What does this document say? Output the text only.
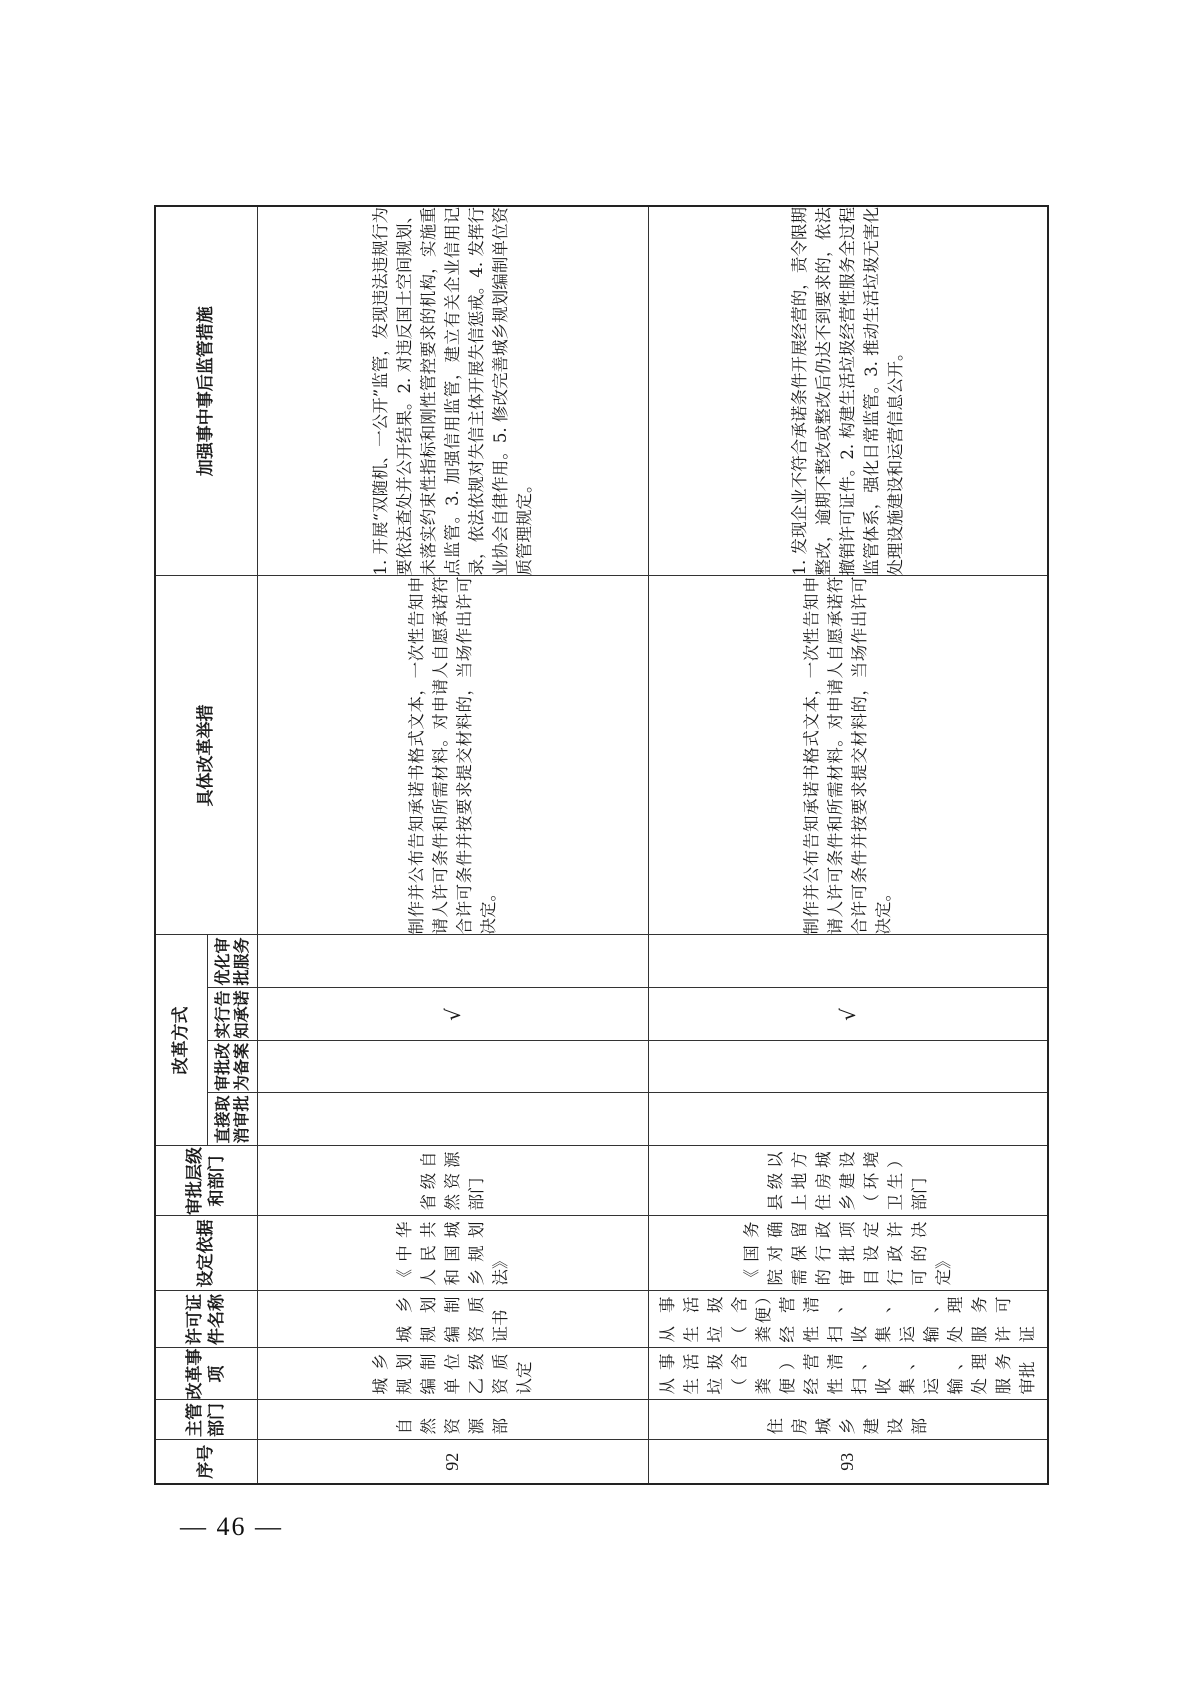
序号	主管部门	改革事项	许可证件名称	设定依据	审批层级和部门	改革方式				具体改革举措	加强事中事后监管措施
						直接取消审批	审批改为备案	实行告知承诺	优化审批服务		
92	自然资源部	城乡规划编制单位乙级资质认定	城乡规划编制资质证书	《中华人民共和国城乡规划法》	省级自然资源部门			√		制作并公布告知承诺书格式文本，一次性告知申请人许可条件和所需材料。对申请人自愿承诺符合许可条件并按要求提交材料的，当场作出许可决定。	1. 开展“双随机、一公开”监管，发现违法违规行为要依法查处并公开结果。2. 对违反国土空间规划、未落实约束性指标和刚性管控要求的机构，实施重点监管。3. 加强信用监管，建立有关企业信用记录，依法依规对失信主体开展失信惩戒。4. 发挥行业协会自律作用。5. 修改完善城乡规划编制单位资质管理规定。

93	住房城乡建设部	从事生活垃圾（含粪便）经营性清扫、收集、运输、处理服务审批	从事生活垃圾（含粪便）经营性清扫、收集、运输、处理服务许可证	《国务院对确需保留的行政审批项目设定行政许可的决定》	县级以上地方住房城乡建设（环境卫生）部门			√		制作并公布告知承诺书格式文本，一次性告知申请人许可条件和所需材料。对申请人自愿承诺符合许可条件并按要求提交材料的，当场作出许可决定。	1. 发现企业不符合承诺条件开展经营的，责令限期整改，逾期不整改或整改后仍达不到要求的，依法撤销许可证件。2. 构建生活垃圾经营性服务全过程监管体系，强化日常监管。3. 推动生活垃圾无害化处理设施建设和运营信息公开。
— 46 —
